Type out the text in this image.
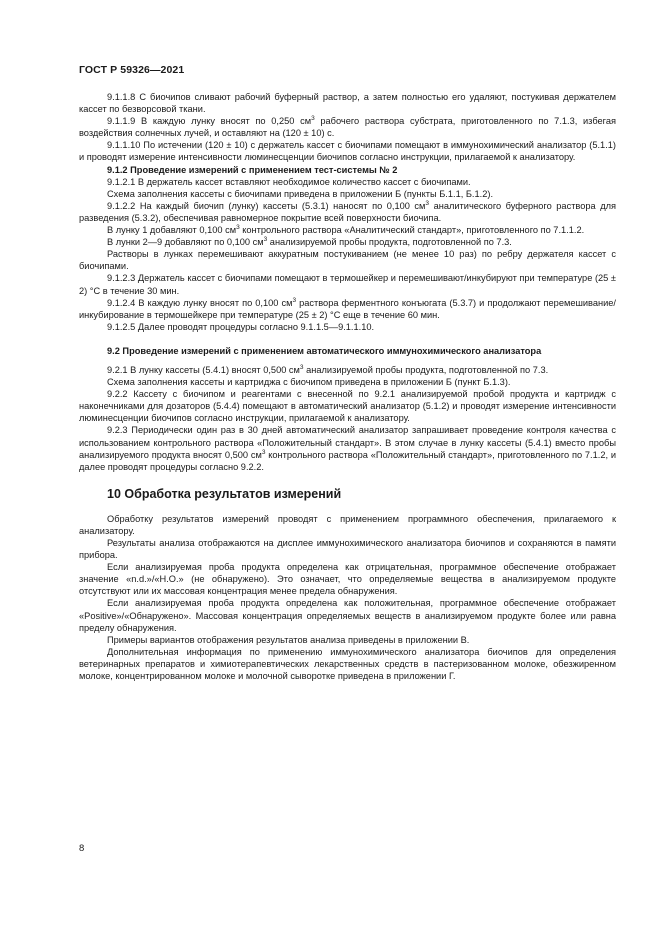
ГОСТ Р 59326—2021

9.1.1.8 С биочипов сливают рабочий буферный раствор, а затем полностью его удаляют, постукивая держателем кассет по безворсовой ткани.

9.1.1.9 В каждую лунку вносят по 0,250 $см^3$ рабочего раствора субстрата, приготовленного по 7.1.3, избегая воздействия солнечных лучей, и оставляют на (120 ± 10) с.

9.1.1.10 По истечении (120 ± 10) с держатель кассет с биочипами помещают в иммунохимический анализатор (5.1.1) и проводят измерение интенсивности люминесценции биочипов согласно инструкции, прилагаемой к анализатору.

9.1.2 Проведение измерений с применением тест-системы № 2

9.1.2.1 В держатель кассет вставляют необходимое количество кассет с биочипами.

Схема заполнения кассеты с биочипами приведена в приложении Б (пункты Б.1.1, Б.1.2).

9.1.2.2 На каждый биочип (лунку) кассеты (5.3.1) наносят по 0,100 $см^3$ аналитического буферного раствора для разведения (5.3.2), обеспечивая равномерное покрытие всей поверхности биочипа.

В лунку 1 добавляют 0,100 $см^3$ контрольного раствора «Аналитический стандарт», приготовленного по 7.1.1.2.

В лунки 2—9 добавляют по 0,100 $см^3$ анализируемой пробы продукта, подготовленной по 7.3.

Растворы в лунках перемешивают аккуратным постукиванием (не менее 10 раз) по ребру держателя кассет с биочипами.

9.1.2.3 Держатель кассет с биочипами помещают в термошейкер и перемешивают/инкубируют при температуре (25 ± 2) °С в течение 30 мин.

9.1.2.4 В каждую лунку вносят по 0,100 $см^3$ раствора ферментного конъюгата (5.3.7) и продолжают перемешивание/инкубирование в термошейкере при температуре (25 ± 2) °С еще в течение 60 мин.

9.1.2.5 Далее проводят процедуры согласно 9.1.1.5—9.1.1.10.

9.2 Проведение измерений с применением автоматического иммунохимического анализатора

9.2.1 В лунку кассеты (5.4.1) вносят 0,500 $см^3$ анализируемой пробы продукта, подготовленной по 7.3.

Схема заполнения кассеты и картриджа с биочипом приведена в приложении Б (пункт Б.1.3).

9.2.2 Кассету с биочипом и реагентами с внесенной по 9.2.1 анализируемой пробой продукта и картридж с наконечниками для дозаторов (5.4.4) помещают в автоматический анализатор (5.1.2) и проводят измерение интенсивности люминесценции биочипов согласно инструкции, прилагаемой к анализатору.

9.2.3 Периодически один раз в 30 дней автоматический анализатор запрашивает проведение контроля качества с использованием контрольного раствора «Положительный стандарт». В этом случае в лунку кассеты (5.4.1) вместо пробы анализируемого продукта вносят 0,500 $см^3$ контрольного раствора «Положительный стандарт», приготовленного по 7.1.2, и далее проводят процедуры согласно 9.2.2.

10 Обработка результатов измерений

Обработку результатов измерений проводят с применением программного обеспечения, прилагаемого к анализатору.

Результаты анализа отображаются на дисплее иммунохимического анализатора биочипов и сохраняются в памяти прибора.

Если анализируемая проба продукта определена как отрицательная, программное обеспечение отображает значение «n.d.»/«Н.О.» (не обнаружено). Это означает, что определяемые вещества в анализируемом продукте отсутствуют или их массовая концентрация менее предела обнаружения.

Если анализируемая проба продукта определена как положительная, программное обеспечение отображает «Positive»/«Обнаружено». Массовая концентрация определяемых веществ в анализируемом продукте более или равна пределу обнаружения.

Примеры вариантов отображения результатов анализа приведены в приложении В.

Дополнительная информация по применению иммунохимического анализатора биочипов для определения ветеринарных препаратов и химиотерапевтических лекарственных средств в пастеризованном молоке, обезжиренном молоке, концентрированном молоке и молочной сыворотке приведена в приложении Г.

8
